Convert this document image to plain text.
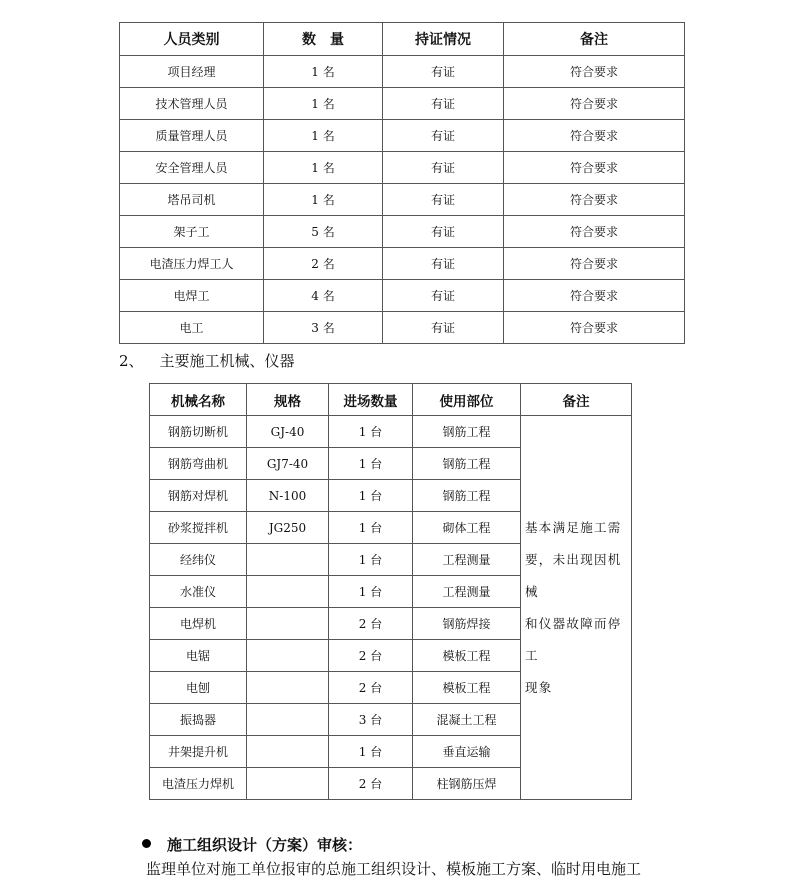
人员类别	数　量	持证情况	备注
项目经理	1 名	有证	符合要求
技术管理人员	1 名	有证	符合要求
质量管理人员	1 名	有证	符合要求
安全管理人员	1 名	有证	符合要求
塔吊司机	1 名	有证	符合要求
架子工	5 名	有证	符合要求
电渣压力焊工人	2 名	有证	符合要求
电焊工	4 名	有证	符合要求
电工	3 名	有证	符合要求
2、 主要施工机械、仪器
机械名称	规格	进场数量	使用部位	备注
钢筋切断机	GJ-40	1 台	钢筋工程	基本满足施工需
要，未出现因机械
和仪器故障而停工
现象

钢筋弯曲机	GJ7-40	1 台	钢筋工程	
钢筋对焊机	N-100	1 台	钢筋工程	
砂浆搅拌机	JG250	1 台	砌体工程	
经纬仪		1 台	工程测量	
水准仪		1 台	工程测量	
电焊机		2 台	钢筋焊接	
电锯		2 台	模板工程	
电刨		2 台	模板工程	
振捣器		3 台	混凝土工程	
井架提升机		1 台	垂直运输	
电渣压力焊机		2 台	柱钢筋压焊	
施工组织设计（方案）审核：
监理单位对施工单位报审的总施工组织设计、模板施工方案、临时用电施工
